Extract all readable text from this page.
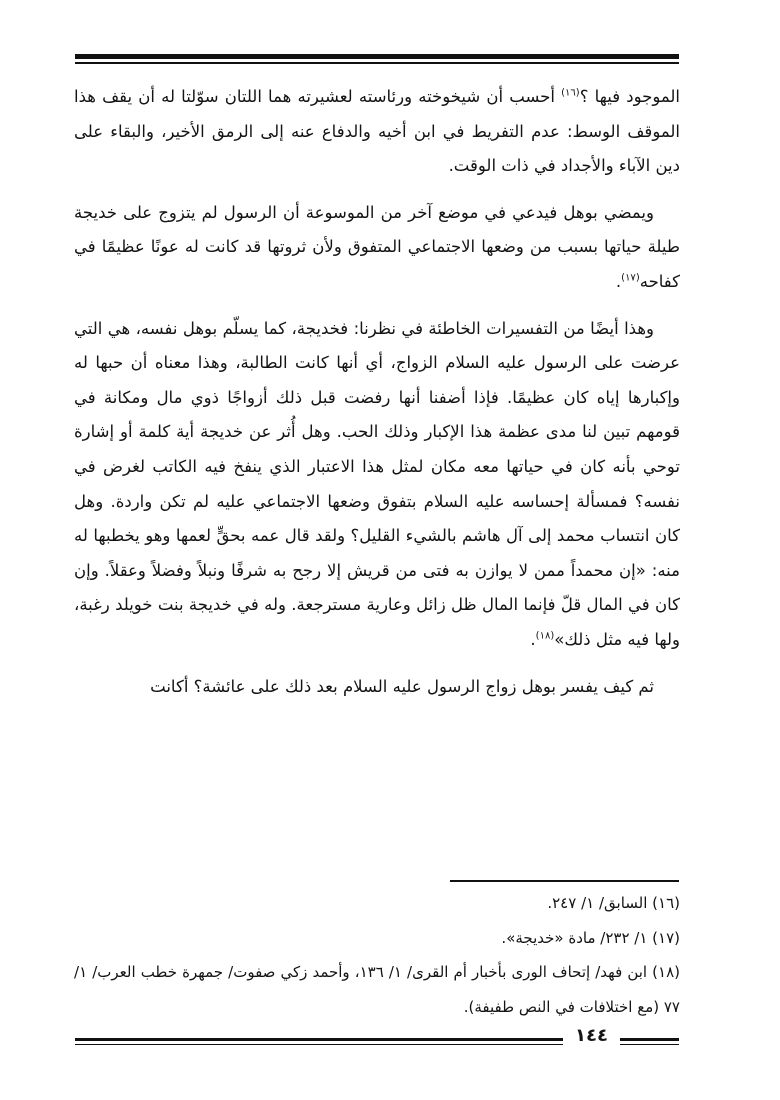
الموجود فيها ؟$^{(١٦)}$ أحسب أن شيخوخته ورئاسته لعشيرته هما اللتان سوّلتا له أن يقف هذا الموقف الوسط: عدم التفريط في ابن أخيه والدفاع عنه إلى الرمق الأخير، والبقاء على دين الآباء والأجداد في ذات الوقت.

ويمضي بوهل فيدعي في موضع آخر من الموسوعة أن الرسول لم يتزوج على خديجة طيلة حياتها بسبب من وضعها الاجتماعي المتفوق ولأن ثروتها قد كانت له عونًا عظيمًا في كفاحه$^{(١٧)}$.

وهذا أيضًا من التفسيرات الخاطئة في نظرنا: فخديجة، كما يسلّم بوهل نفسه، هي التي عرضت على الرسول عليه السلام الزواج، أي أنها كانت الطالبة، وهذا معناه أن حبها له وإكبارها إياه كان عظيمًا. فإذا أضفنا أنها رفضت قبل ذلك أزواجًا ذوي مال ومكانة في قومهم تبين لنا مدى عظمة هذا الإكبار وذلك الحب. وهل أُثر عن خديجة أية كلمة أو إشارة توحي بأنه كان في حياتها معه مكان لمثل هذا الاعتبار الذي ينفخ فيه الكاتب لغرض في نفسه؟ فمسألة إحساسه عليه السلام بتفوق وضعها الاجتماعي عليه لم تكن واردة. وهل كان انتساب محمد إلى آل هاشم بالشيء القليل؟ ولقد قال عمه بحقٍّ لعمها وهو يخطبها له منه: «إن محمداً ممن لا يوازن به فتى من قريش إلا رجح به شرفًا ونبلاً وفضلاً وعقلاً. وإن كان في المال قلّ فإنما المال ظل زائل وعارية مسترجعة. وله في خديجة بنت خويلد رغبة، ولها فيه مثل ذلك»$^{(١٨)}$.

ثم كيف يفسر بوهل زواج الرسول عليه السلام بعد ذلك على عائشة؟ أكانت

(١٦) السابق/ ١/ ٢٤٧.

(١٧) ١/ ٢٣٢/ مادة «خديجة».

(١٨) ابن فهد/ إتحاف الورى بأخبار أم القرى/ ١/ ١٣٦، وأحمد زكي صفوت/ جمهرة خطب العرب/ ١/ ٧٧ (مع اختلافات في النص طفيفة).

١٤٤
